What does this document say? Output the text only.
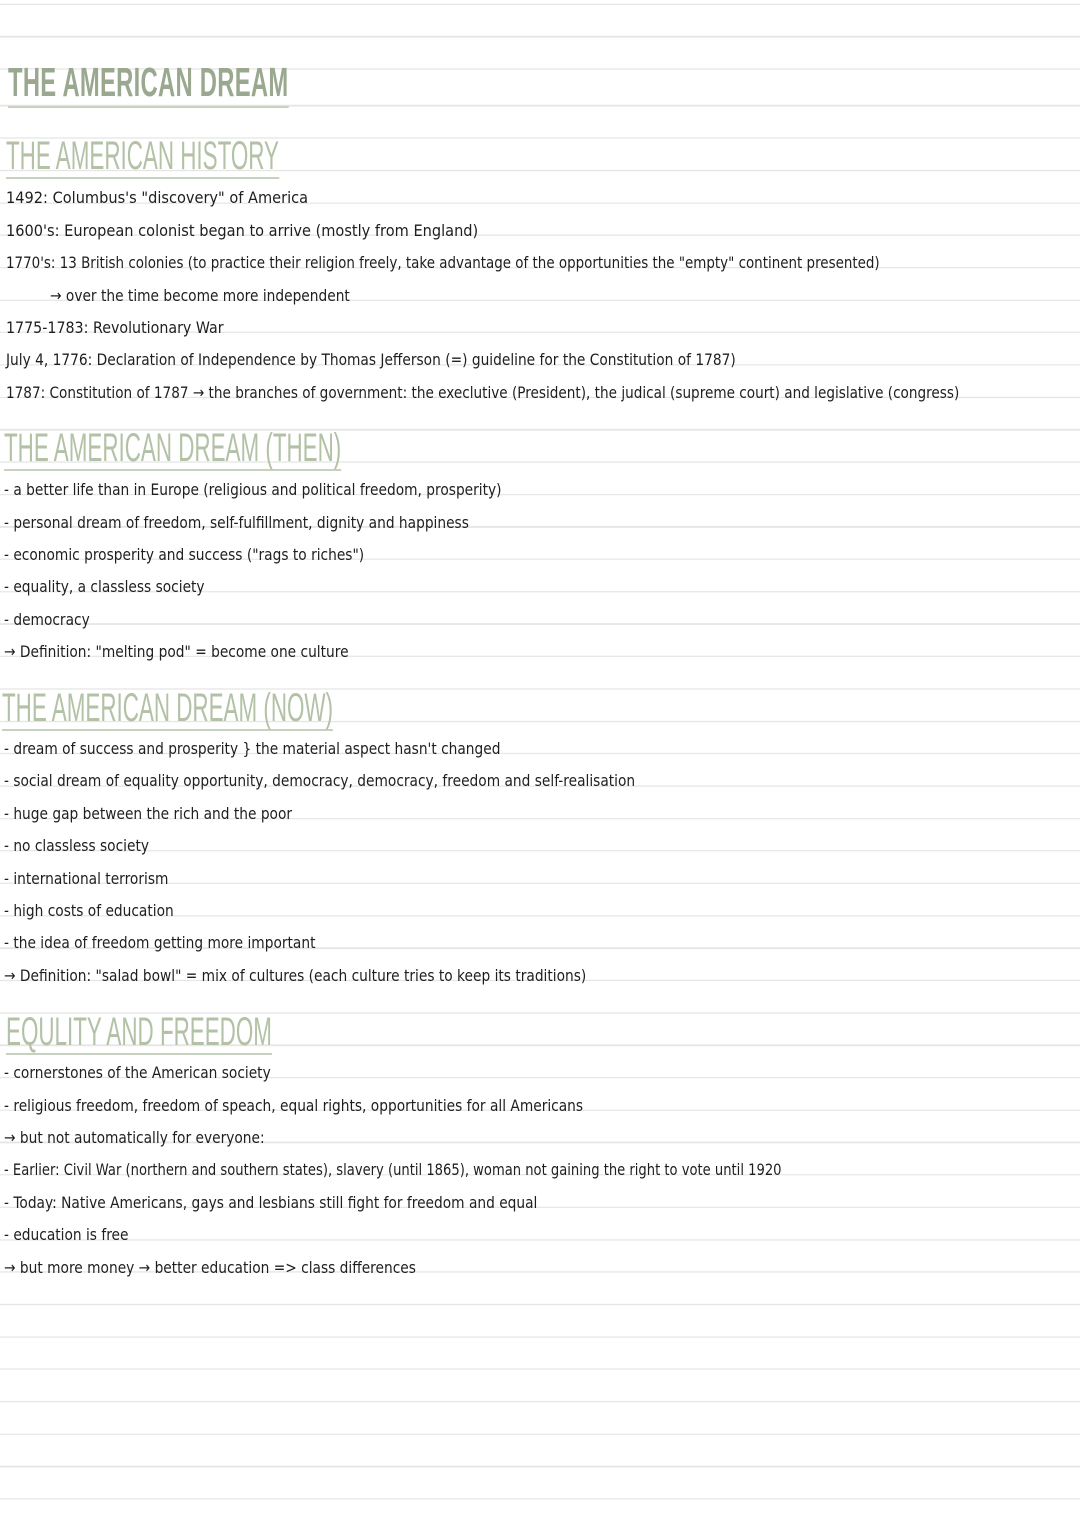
THE AMERICAN DREAM
THE AMERICAN HISTORY

1492: Columbus's "discovery" of America

1600's: European colonist began to arrive (mostly from England)

1770's: 13 British colonies (to practice their religion freely, take advantage of the opportunities the "empty" continent presented)

→ over the time become more independent

1775-1783: Revolutionary War

July 4, 1776: Declaration of Independence by Thomas Jefferson (=) guideline for the Constitution of 1787)

1787: Constitution of 1787 → the branches of government: the execlutive (President), the judical (supreme court) and legislative (congress)

THE AMERICAN DREAM (THEN)

- a better life than in Europe (religious and political freedom, prosperity)

- personal dream of freedom, self-fulfillment, dignity and happiness

- economic prosperity and success ("rags to riches")

- equality, a classless society

- democracy

→ Definition: "melting pod" = become one culture

THE AMERICAN DREAM (NOW)

- dream of success and prosperity } the material aspect hasn't changed

- social dream of equality opportunity, democracy, democracy, freedom and self-realisation

- huge gap between the rich and the poor

- no classless society

- international terrorism

- high costs of education

- the idea of freedom getting more important

→ Definition: "salad bowl" = mix of cultures (each culture tries to keep its traditions)

EQULITY AND FREEDOM

- cornerstones of the American society

- religious freedom, freedom of speach, equal rights, opportunities for all Americans

→ but not automatically for everyone:

- Earlier: Civil War (northern and southern states), slavery (until 1865), woman not gaining the right to vote until 1920

- Today: Native Americans, gays and lesbians still fight for freedom and equal

- education is free

→ but more money → better education => class differences
